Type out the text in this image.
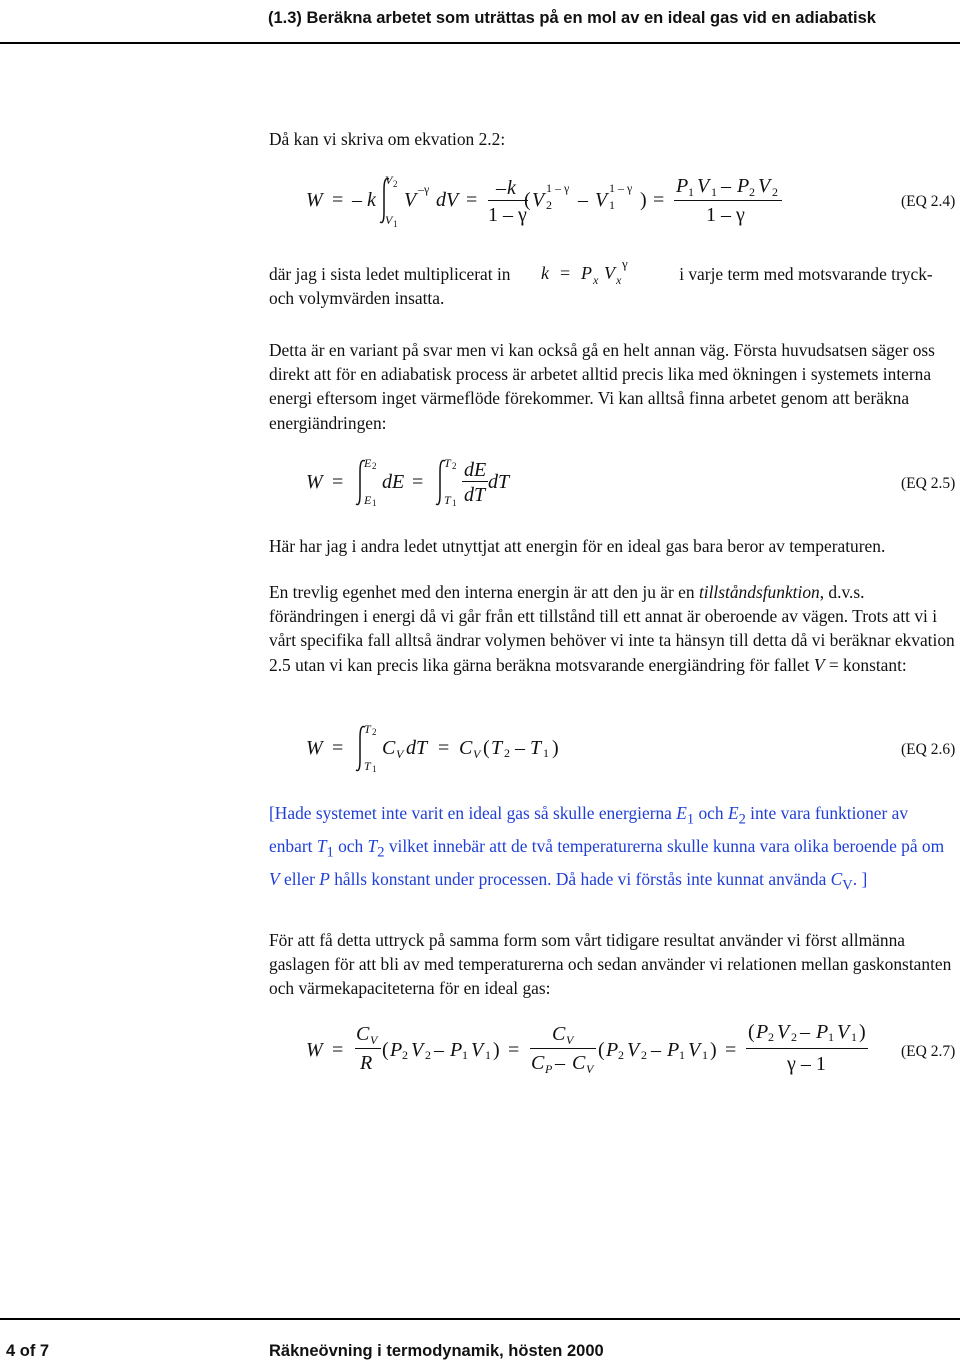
(1.3) Beräkna arbetet som uträttas på en mol av en ideal gas vid en adiabatisk

Då kan vi skriva om ekvation 2.2:

W = – k
V 2
V 1
V –γ dV =
– k
1 – γ
( V 2
1 – γ
– V 1
1 – γ
) =
P 1 V 1 – P 2 V 2
1 – γ
(EQ 2.4)

där jag i sista ledet multiplicerat in	i varje term med motsvarande tryck- och volymvärden insatta.

k = P x V x
γ

Detta är en variant på svar men vi kan också gå en helt annan väg. Första huvudsatsen säger oss direkt att för en adiabatisk process är arbetet alltid precis lika med ökningen i systemets interna energi eftersom inget värmeflöde förekommer. Vi kan alltså finna arbetet genom att beräkna energiändringen:

W =
E 2
E 1
dE =
T 2
T 1
dE
dT
dT	(EQ 2.5)

Här har jag i andra ledet utnyttjat att energin för en ideal gas bara beror av temperaturen.

En trevlig egenhet med den interna energin är att den ju är en tillståndsfunktion, d.v.s. förändringen i energi då vi går från ett tillstånd till ett annat är oberoende av vägen. Trots att vi i vårt specifika fall alltså ändrar volymen behöver vi inte ta hänsyn till detta då vi beräknar ekvation 2.5 utan vi kan precis lika gärna beräkna motsvarande energiändring för fallet V = konstant:

W =
T 2
T 1
C V dT = C V ( T 2 – T 1 )	(EQ 2.6)

[Hade systemet inte varit en ideal gas så skulle energierna $E_1$ och $E_2$ inte vara funktioner av enbart $T_1$ och $T_2$ vilket innebär att de två temperaturerna skulle kunna vara olika beroende på om V eller P hålls konstant under processen. Då hade vi förstås inte kunnat använda $C_V$. ]

För att få detta uttryck på samma form som vårt tidigare resultat använder vi först allmänna gaslagen för att bli av med temperaturerna och sedan använder vi relationen mellan gaskonstanten och värmekapaciteterna för en ideal gas:

W =
C V
R
( P 2 V 2 – P 1 V 1 ) =
C V
C P – C V
( P 2 V 2 – P 1 V 1 ) =
( P 2 V 2 – P 1 V 1 )
γ – 1
(EQ 2.7)
4 of 7	Räkneövning i termodynamik, hösten 2000
